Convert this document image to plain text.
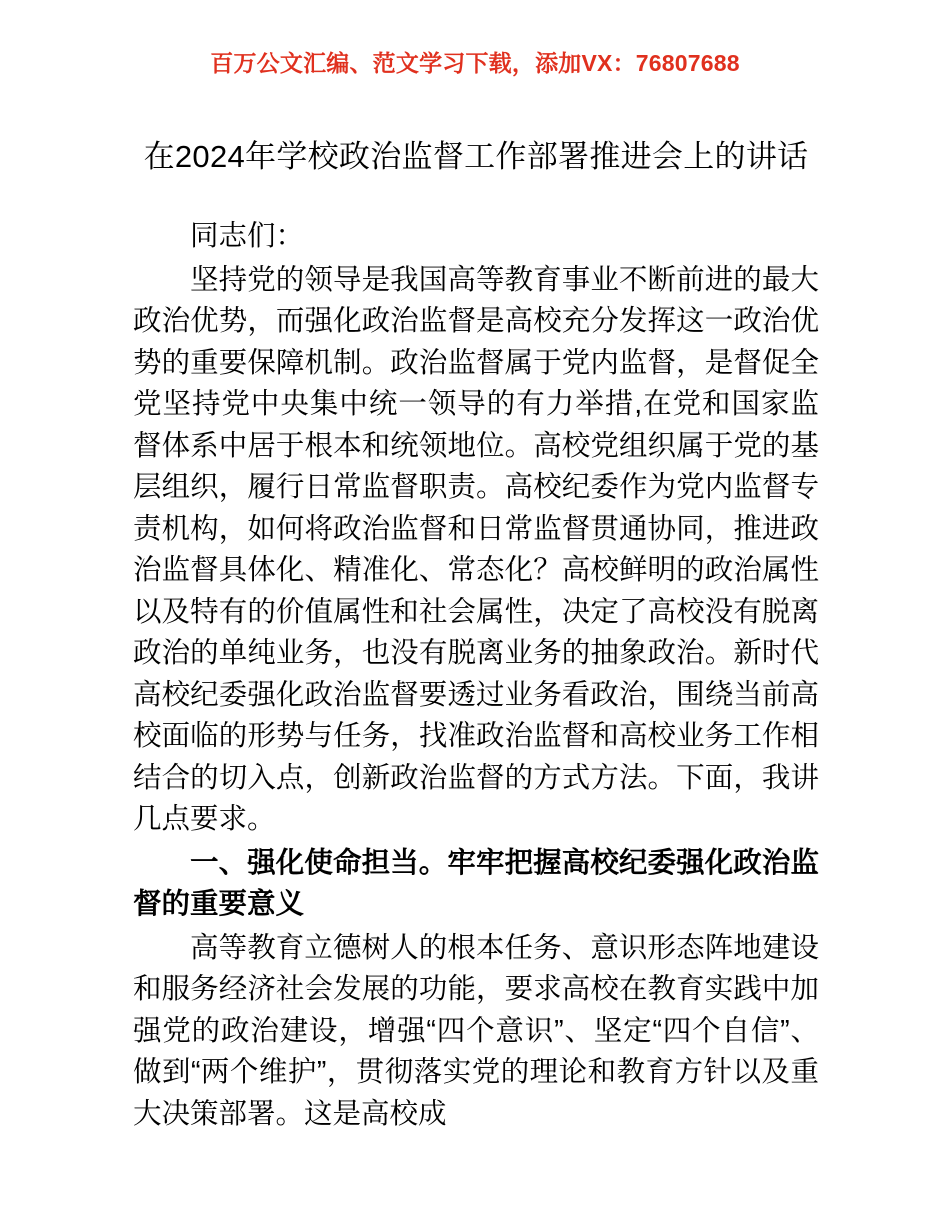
百万公文汇编、范文学习下载，添加VX：76807688
在2024年学校政治监督工作部署推进会上的讲话

同志们：

坚持党的领导是我国高等教育事业不断前进的最大政治优势，而强化政治监督是高校充分发挥这一政治优势的重要保障机制。政治监督属于党内监督，是督促全党坚持党中央集中统一领导的有力举措,在党和国家监督体系中居于根本和统领地位。高校党组织属于党的基层组织，履行日常监督职责。高校纪委作为党内监督专责机构，如何将政治监督和日常监督贯通协同，推进政治监督具体化、精准化、常态化？高校鲜明的政治属性以及特有的价值属性和社会属性，决定了高校没有脱离政治的单纯业务，也没有脱离业务的抽象政治。新时代高校纪委强化政治监督要透过业务看政治，围绕当前高校面临的形势与任务，找准政治监督和高校业务工作相结合的切入点，创新政治监督的方式方法。下面，我讲几点要求。

一、强化使命担当。牢牢把握高校纪委强化政治监督的重要意义

高等教育立德树人的根本任务、意识形态阵地建设和服务经济社会发展的功能，要求高校在教育实践中加强党的政治建设，增强“四个意识”、坚定“四个自信”、做到“两个维护”，贯彻落实党的理论和教育方针以及重大决策部署。这是高校成
